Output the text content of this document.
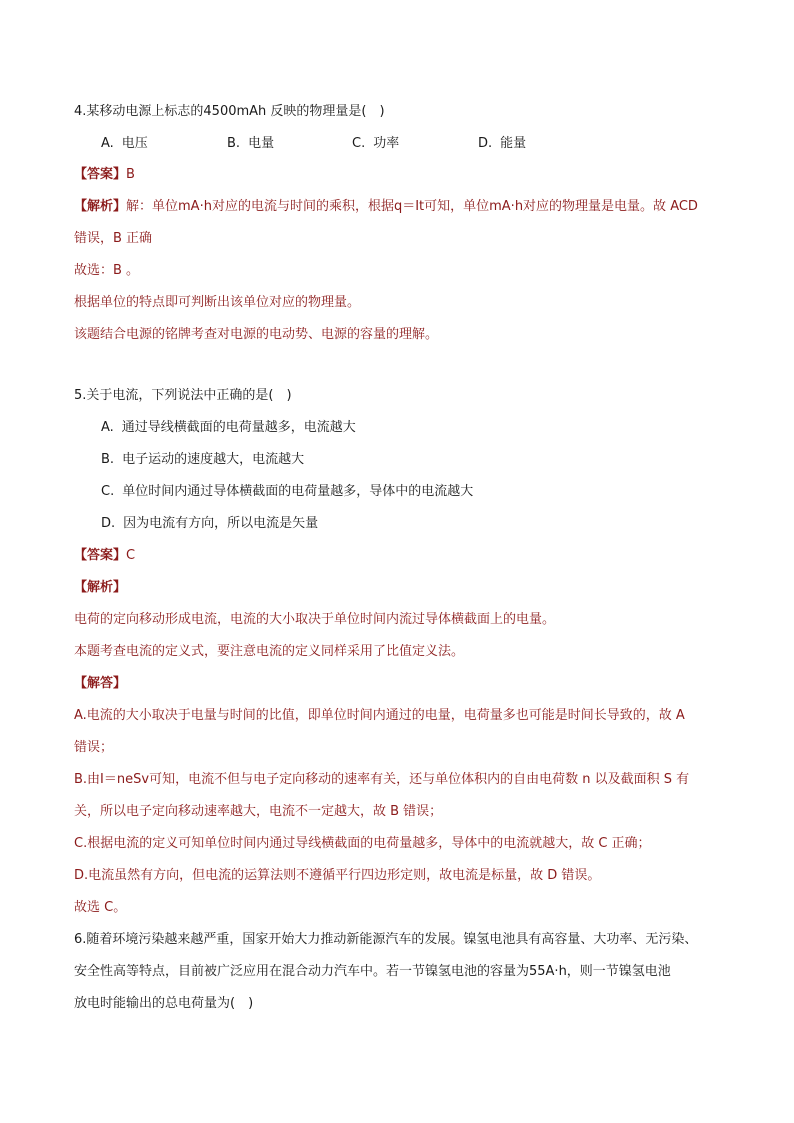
4.某移动电源上标志的4500mAh 反映的物理量是(　)
A. 电压	B. 电量	C. 功率	D. 能量
【答案】B
【解析】解：单位mA·h对应的电流与时间的乘积，根据q＝It可知，单位mA·h对应的物理量是电量。故 ACD
错误，B 正确
故选：B 。
根据单位的特点即可判断出该单位对应的物理量。
该题结合电源的铭牌考查对电源的电动势、电源的容量的理解。
5.关于电流，下列说法中正确的是(　)
A. 通过导线横截面的电荷量越多，电流越大
B. 电子运动的速度越大，电流越大
C. 单位时间内通过导体横截面的电荷量越多，导体中的电流越大
D. 因为电流有方向，所以电流是矢量
【答案】C
【解析】
电荷的定向移动形成电流，电流的大小取决于单位时间内流过导体横截面上的电量。
本题考查电流的定义式，要注意电流的定义同样采用了比值定义法。
【解答】
A.电流的大小取决于电量与时间的比值，即单位时间内通过的电量，电荷量多也可能是时间长导致的，故 A
错误；
B.由I＝neSv可知，电流不但与电子定向移动的速率有关，还与单位体积内的自由电荷数 n 以及截面积 S 有
关，所以电子定向移动速率越大，电流不一定越大，故 B 错误；
C.根据电流的定义可知单位时间内通过导线横截面的电荷量越多，导体中的电流就越大，故 C 正确；
D.电流虽然有方向，但电流的运算法则不遵循平行四边形定则，故电流是标量，故 D 错误。
故选 C。
6.随着环境污染越来越严重，国家开始大力推动新能源汽车的发展。镍氢电池具有高容量、大功率、无污染、
安全性高等特点，目前被广泛应用在混合动力汽车中。若一节镍氢电池的容量为55A·h，则一节镍氢电池
放电时能输出的总电荷量为(　)
